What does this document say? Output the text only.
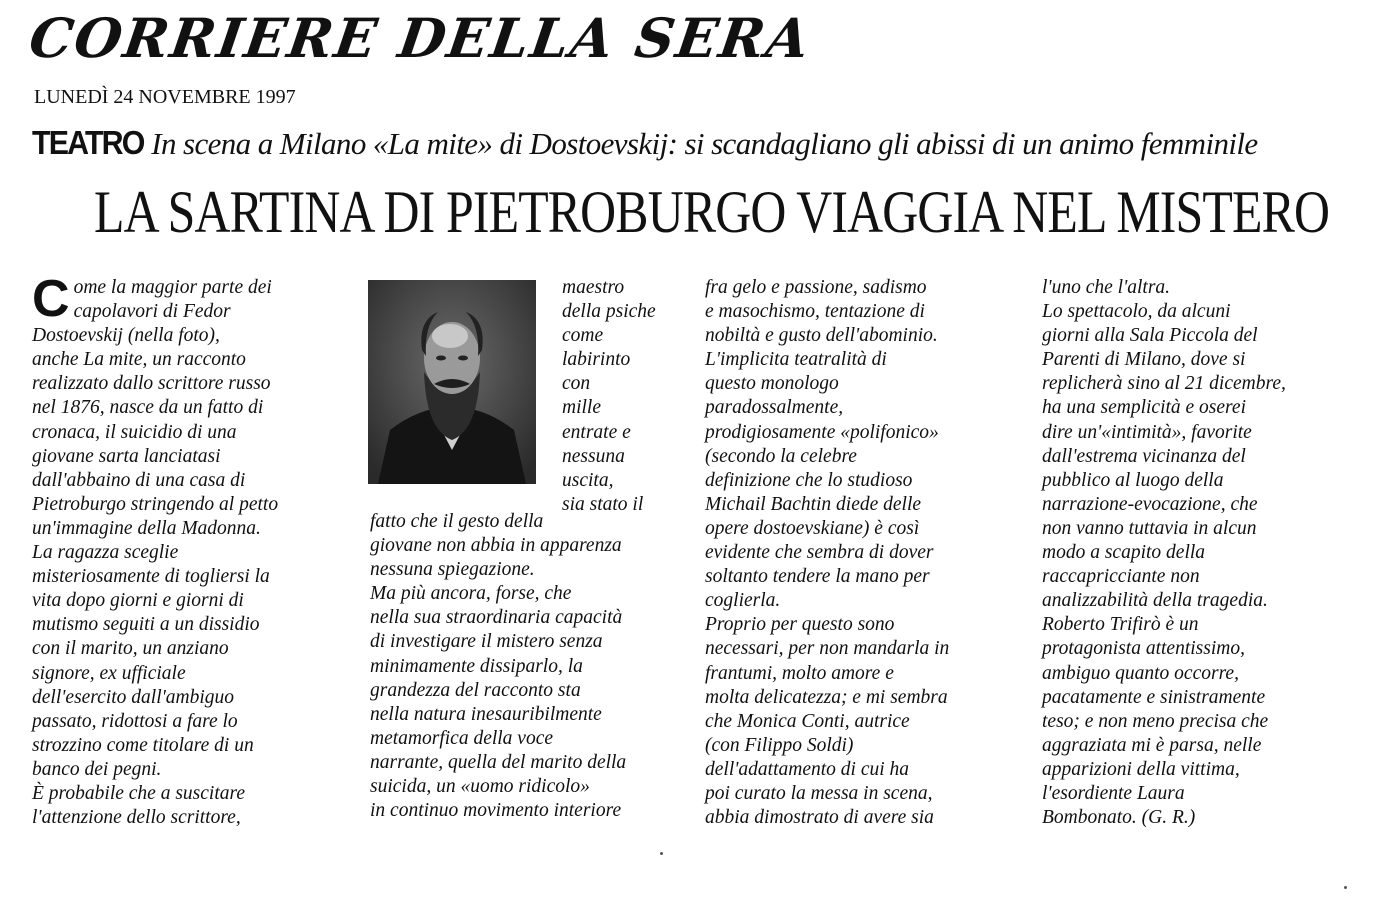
CORRIERE DELLA SERA
LUNEDÌ 24 NOVEMBRE 1997
TEATRO In scena a Milano «La mite» di Dostoevskij: si scandagliano gli abissi di un animo femminile
LA SARTINA DI PIETROBURGO VIAGGIA NEL MISTERO
C ome la maggior parte dei
capolavori di Fedor
Dostoevskij (nella foto),
anche La mite, un racconto
realizzato dallo scrittore russo
nel 1876, nasce da un fatto di
cronaca, il suicidio di una
giovane sarta lanciatasi
dall'abbaino di una casa di
Pietroburgo stringendo al petto
un'immagine della Madonna.
La ragazza sceglie
misteriosamente di togliersi la
vita dopo giorni e giorni di
mutismo seguiti a un dissidio
con il marito, un anziano
signore, ex ufficiale
dell'esercito dall'ambiguo
passato, ridottosi a fare lo
strozzino come titolare di un
banco dei pegni.
È probabile che a suscitare
l'attenzione dello scrittore,
maestro
della psiche
come
labirinto
con
mille
entrate e
nessuna
uscita,
sia stato il
fatto che il gesto della
giovane non abbia in apparenza
nessuna spiegazione.
Ma più ancora, forse, che
nella sua straordinaria capacità
di investigare il mistero senza
minimamente dissiparlo, la
grandezza del racconto sta
nella natura inesauribilmente
metamorfica della voce
narrante, quella del marito della
suicida, un «uomo ridicolo»
in continuo movimento interiore
fra gelo e passione, sadismo
e masochismo, tentazione di
nobiltà e gusto dell'abominio.
L'implicita teatralità di
questo monologo
paradossalmente,
prodigiosamente «polifonico»
(secondo la celebre
definizione che lo studioso
Michail Bachtin diede delle
opere dostoevskiane) è così
evidente che sembra di dover
soltanto tendere la mano per
coglierla.
Proprio per questo sono
necessari, per non mandarla in
frantumi, molto amore e
molta delicatezza; e mi sembra
che Monica Conti, autrice
(con Filippo Soldi)
dell'adattamento di cui ha
poi curato la messa in scena,
abbia dimostrato di avere sia
l'uno che l'altra.
Lo spettacolo, da alcuni
giorni alla Sala Piccola del
Parenti di Milano, dove si
replicherà sino al 21 dicembre,
ha una semplicità e oserei
dire un'«intimità», favorite
dall'estrema vicinanza del
pubblico al luogo della
narrazione-evocazione, che
non vanno tuttavia in alcun
modo a scapito della
raccapricciante non
analizzabilità della tragedia.
Roberto Trifirò è un
protagonista attentissimo,
ambiguo quanto occorre,
pacatamente e sinistramente
teso; e non meno precisa che
aggraziata mi è parsa, nelle
apparizioni della vittima,
l'esordiente Laura
Bombonato. (G. R.)
